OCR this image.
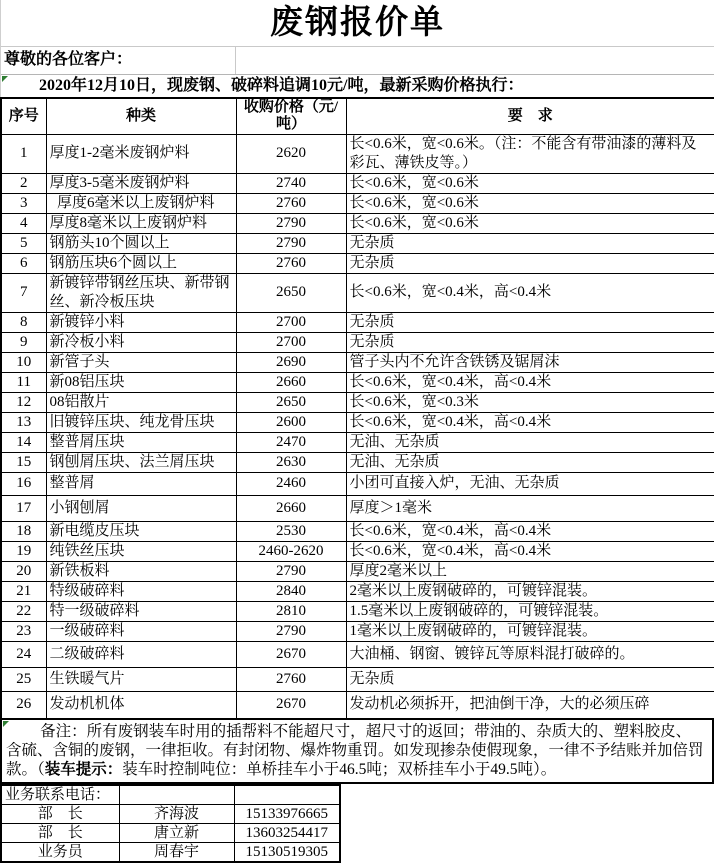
废钢报价单
尊敬的各位客户：
2020年12月10日，现废钢、破碎料追调10元/吨，最新采购价格执行：
序号	种类	收购价格（元/吨）	要　求
1	厚度1-2毫米废钢炉料	2620	长<0.6米，宽<0.6米。（注：不能含有带油漆的薄料及彩瓦、薄铁皮等。）
2	厚度3-5毫米废钢炉料	2740	长<0.6米，宽<0.6米
3	厚度6毫米以上废钢炉料	2760	长<0.6米，宽<0.6米
4	厚度8毫米以上废钢炉料	2790	长<0.6米，宽<0.6米
5	钢筋头10个圆以上	2790	无杂质
6	钢筋压块6个圆以上	2760	无杂质
7	新镀锌带钢丝压块、新带钢丝、新冷板压块	2650	长<0.6米，宽<0.4米，高<0.4米
8	新镀锌小料	2700	无杂质
9	新冷板小料	2700	无杂质
10	新管子头	2690	管子头内不允许含铁锈及锯屑沫
11	新08铝压块	2660	长<0.6米，宽<0.4米，高<0.4米
12	08铝散片	2650	长<0.6米，宽<0.3米
13	旧镀锌压块、纯龙骨压块	2600	长<0.6米，宽<0.4米，高<0.4米
14	整普屑压块	2470	无油、无杂质
15	钢刨屑压块、法兰屑压块	2630	无油、无杂质
16	整普屑	2460	小团可直接入炉，无油、无杂质
17	小钢刨屑	2660	厚度＞1毫米
18	新电缆皮压块	2530	长<0.6米，宽<0.4米，高<0.4米
19	纯铁丝压块	2460-2620	长<0.6米，宽<0.4米，高<0.4米
20	新铁板料	2790	厚度2毫米以上
21	特级破碎料	2840	2毫米以上废钢破碎的，可镀锌混装。
22	特一级破碎料	2810	1.5毫米以上废钢破碎的，可镀锌混装。
23	一级破碎料	2790	1毫米以上废钢破碎的，可镀锌混装。
24	二级破碎料	2670	大油桶、钢窗、镀锌瓦等原料混打破碎的。
25	生铁暖气片	2760	无杂质
26	发动机机体	2670	发动机必须拆开，把油倒干净，大的必须压碎

备注：所有废钢装车时用的插帮料不能超尺寸，超尺寸的返回；带油的、杂质大的、塑料胶皮、含硫、含铜的废钢，一律拒收。有封闭物、爆炸物重罚。如发现掺杂使假现象，一律不予结账并加倍罚款。（装车提示：装车时控制吨位：单桥挂车小于46.5吨；双桥挂车小于49.5吨）。

业务联系电话：		
部　长	齐海波	15133976665
部　长	唐立新	13603254417
业务员	周春宇	15130519305
